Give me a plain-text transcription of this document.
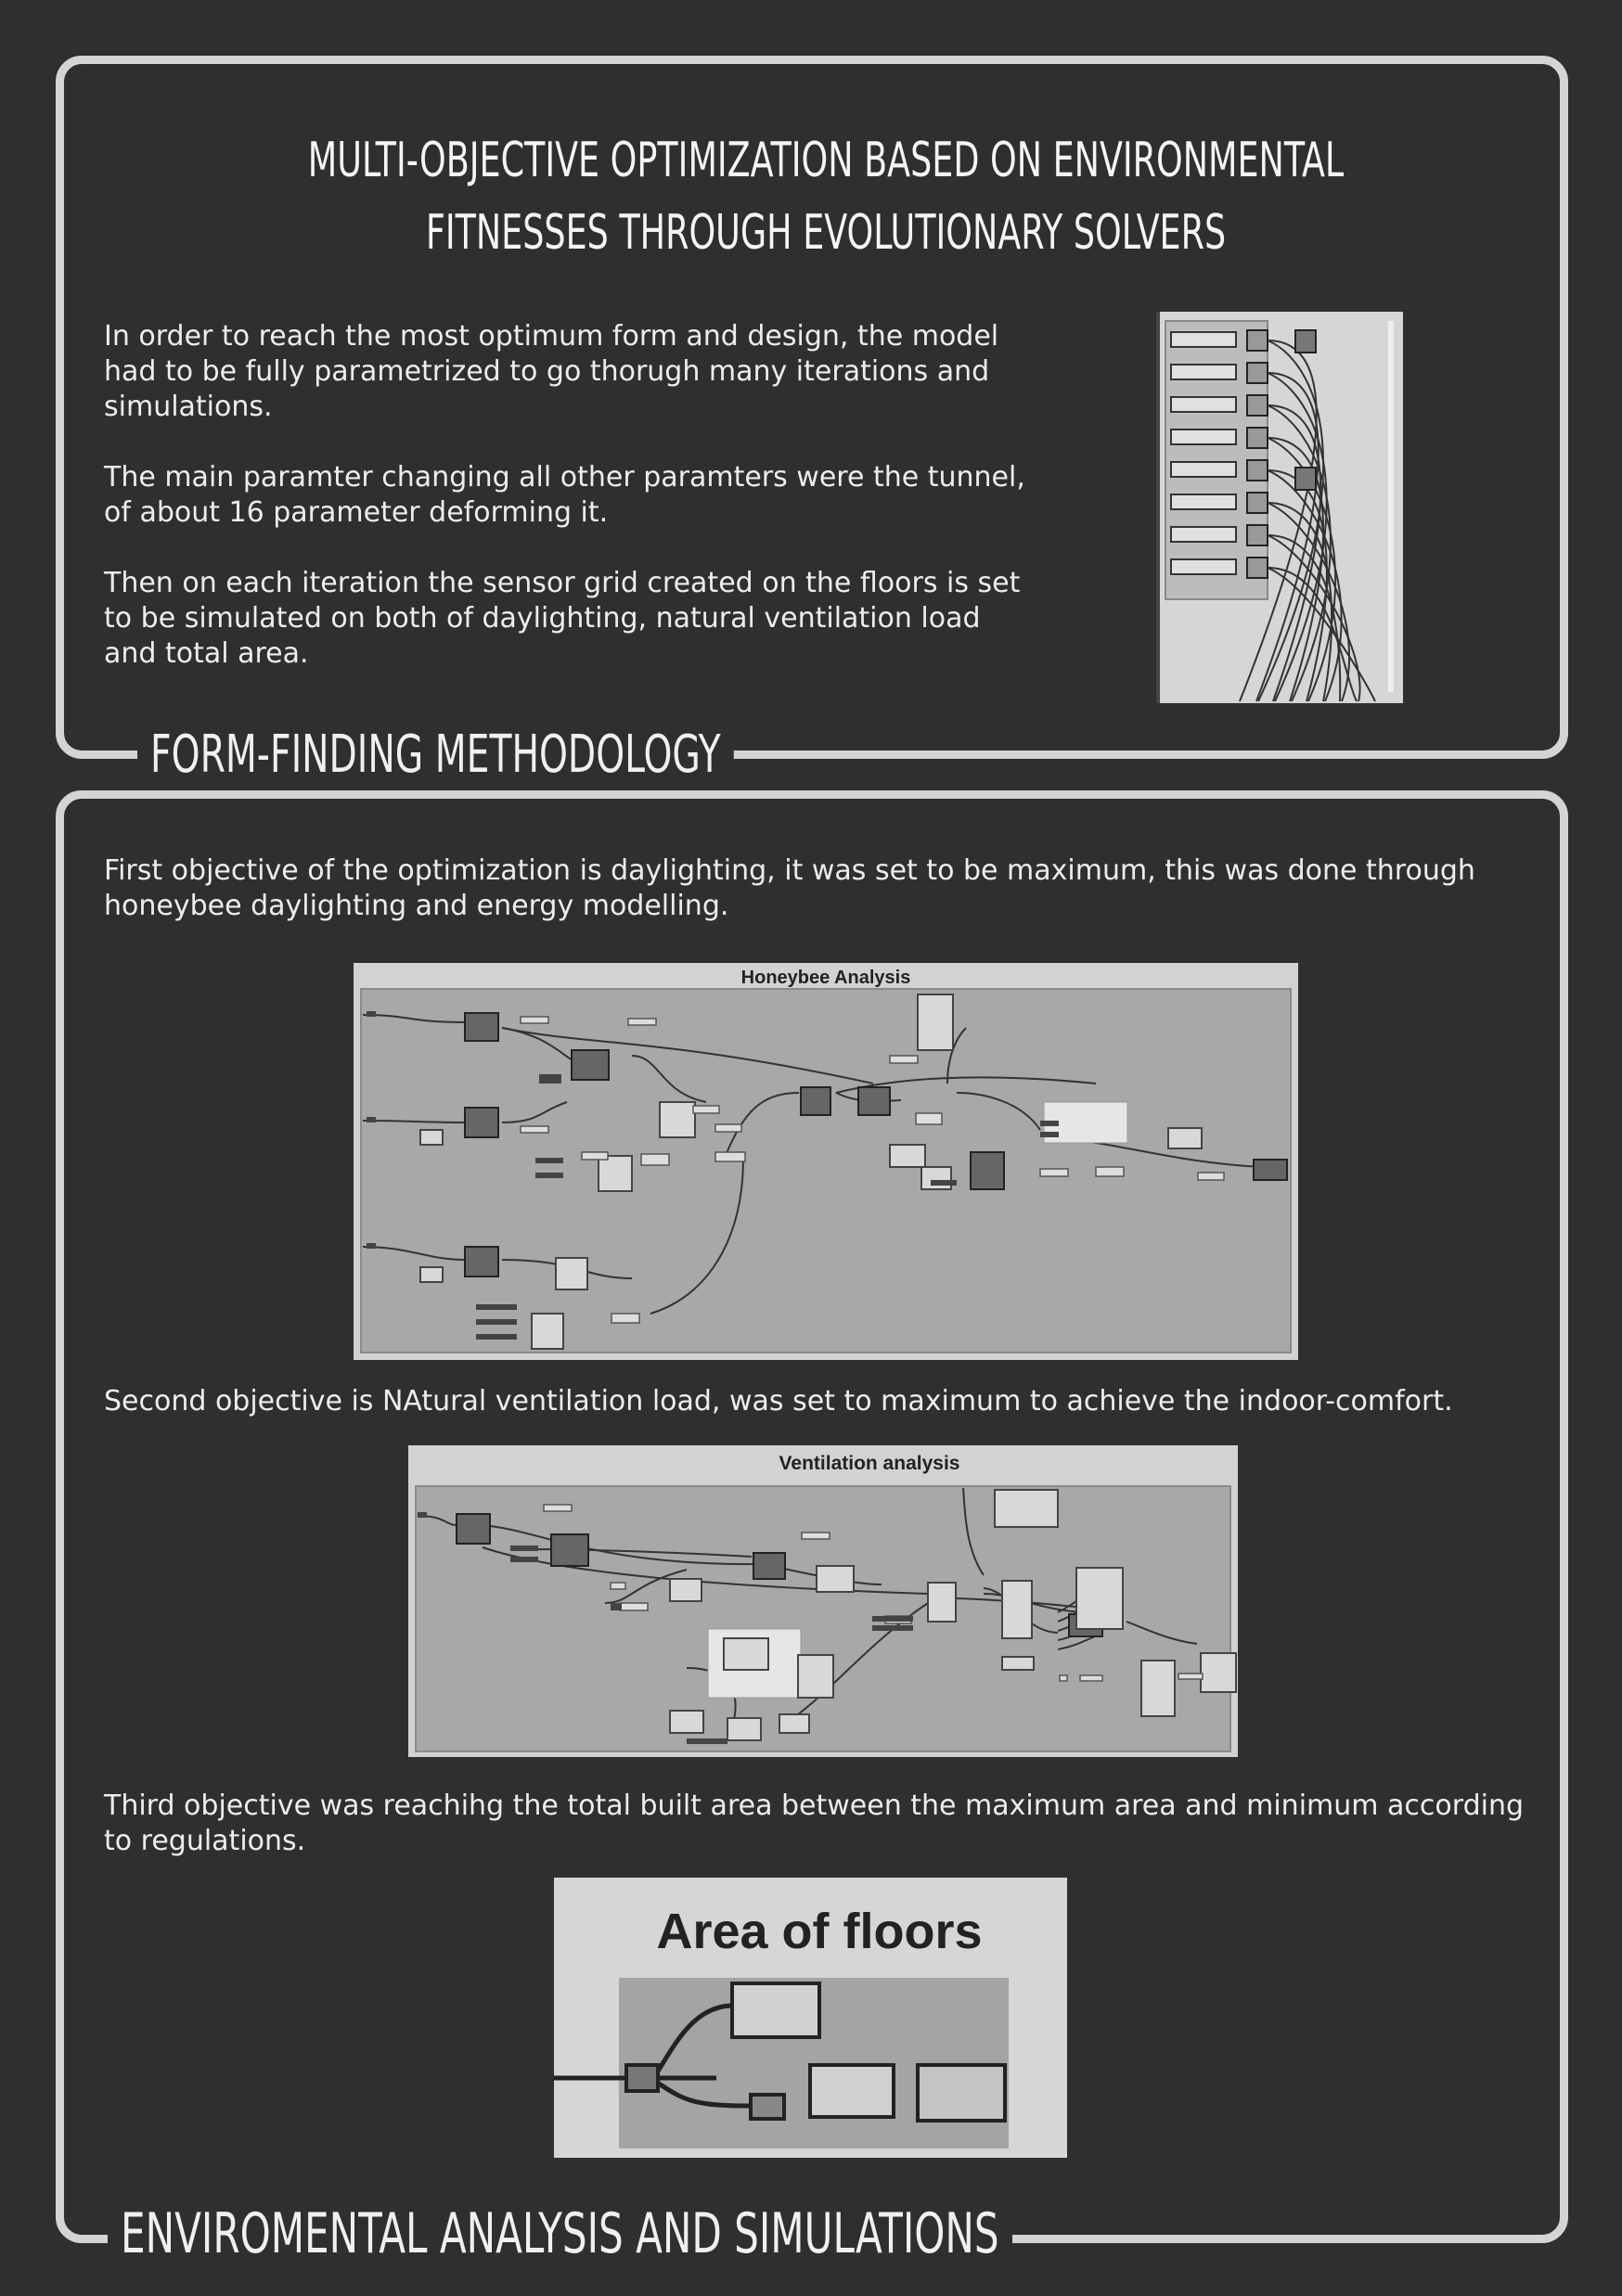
MULTI-OBJECTIVE OPTIMIZATION BASED ON ENVIRONMENTAL
FITNESSES THROUGH EVOLUTIONARY SOLVERS

In order to reach the most optimum form and design, the model had to be fully parametrized to go thorugh many iterations and simulations.

The main paramter changing all other paramters were the tunnel, of about 16 parameter deforming it.

Then on each iteration the sensor grid created on the floors is set to be simulated on both of daylighting, natural ventilation load and total area.

FORM-FINDING METHODOLOGY

First objective of the optimization is daylighting, it was set to be maximum, this was done through honeybee daylighting and energy modelling.

Honeybee Analysis

Second objective is NAtural ventilation load, was set to maximum to achieve the indoor-comfort.

Ventilation analysis

Third objective was reachihg the total built area between the maximum area and minimum according to regulations.

Area of floors
ENVIROMENTAL ANALYSIS AND SIMULATIONS
